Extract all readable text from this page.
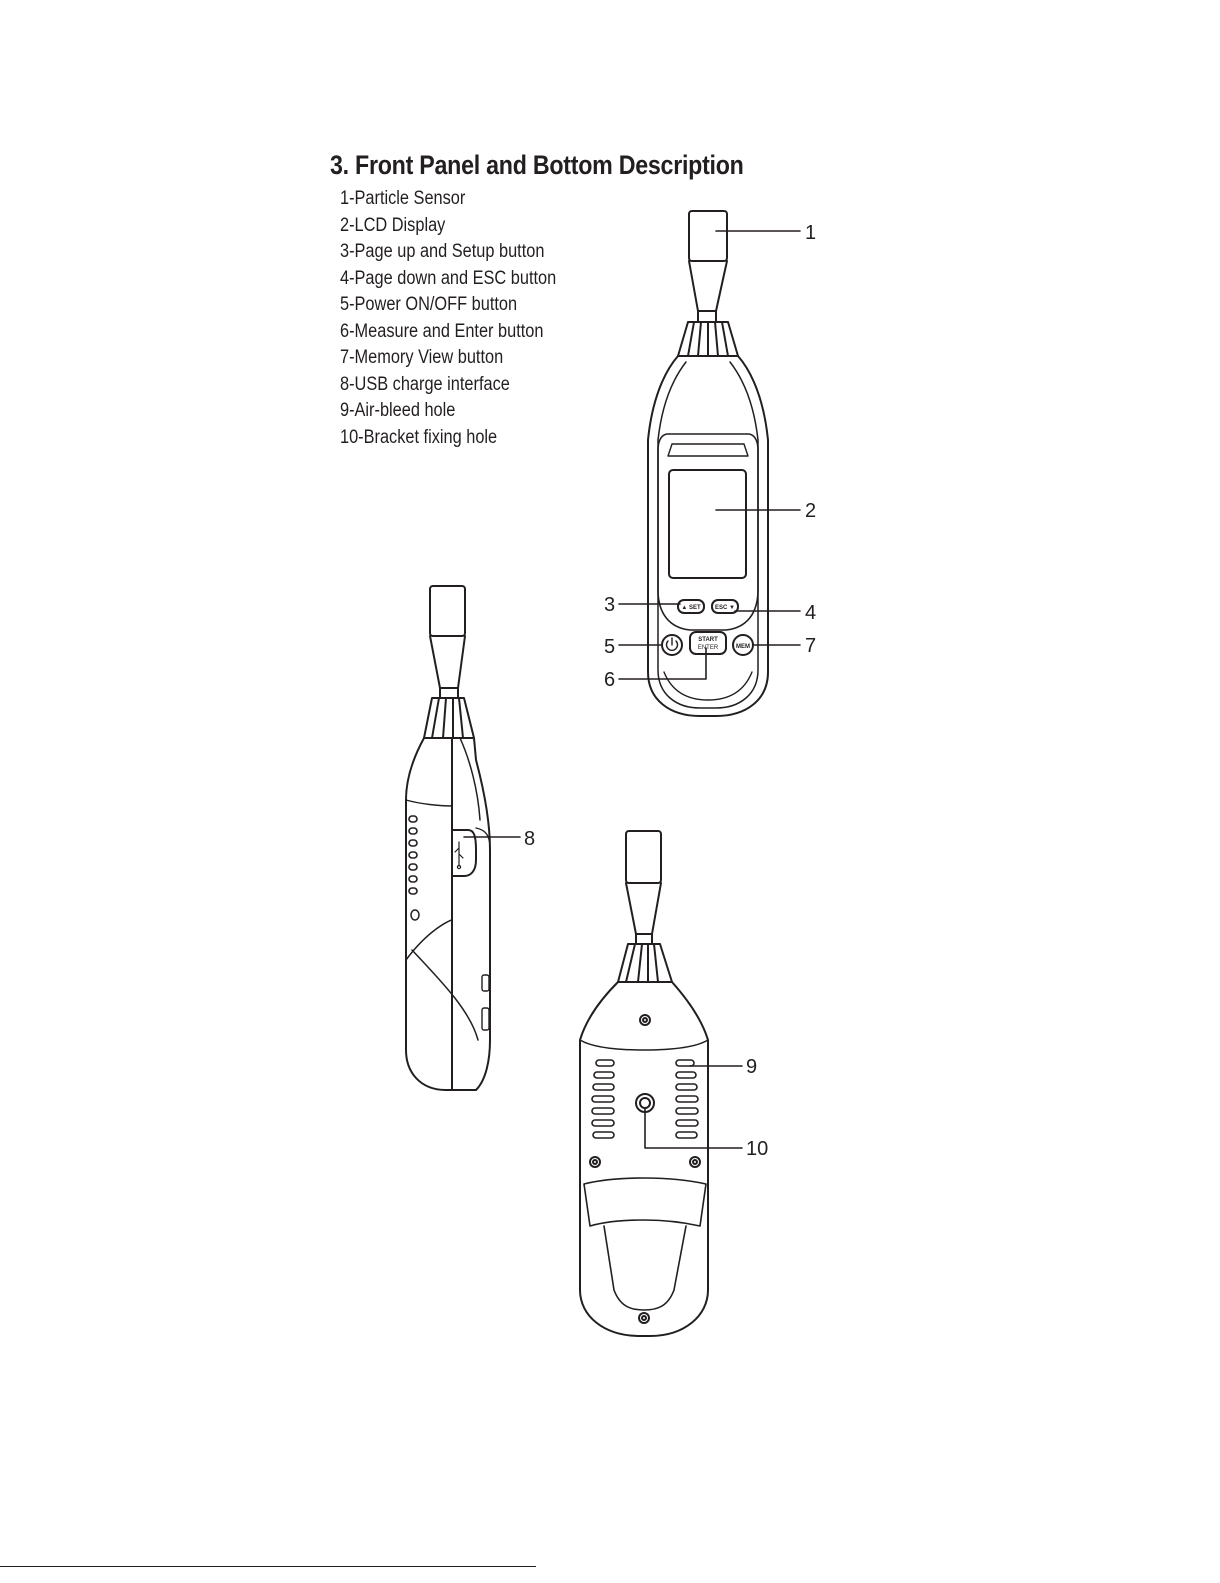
3. Front Panel and Bottom Description
1-Particle Sensor
2-LCD Display
3-Page up and Setup button
4-Page down and ESC button
5-Power ON/OFF button
6-Measure and Enter button
7-Memory View button
8-USB charge interface
9-Air-bleed hole
10-Bracket fixing hole
▲ SET ESC ▼
START
ENTER	MEM
1
2
3	4
5
6
7
8
9
10
